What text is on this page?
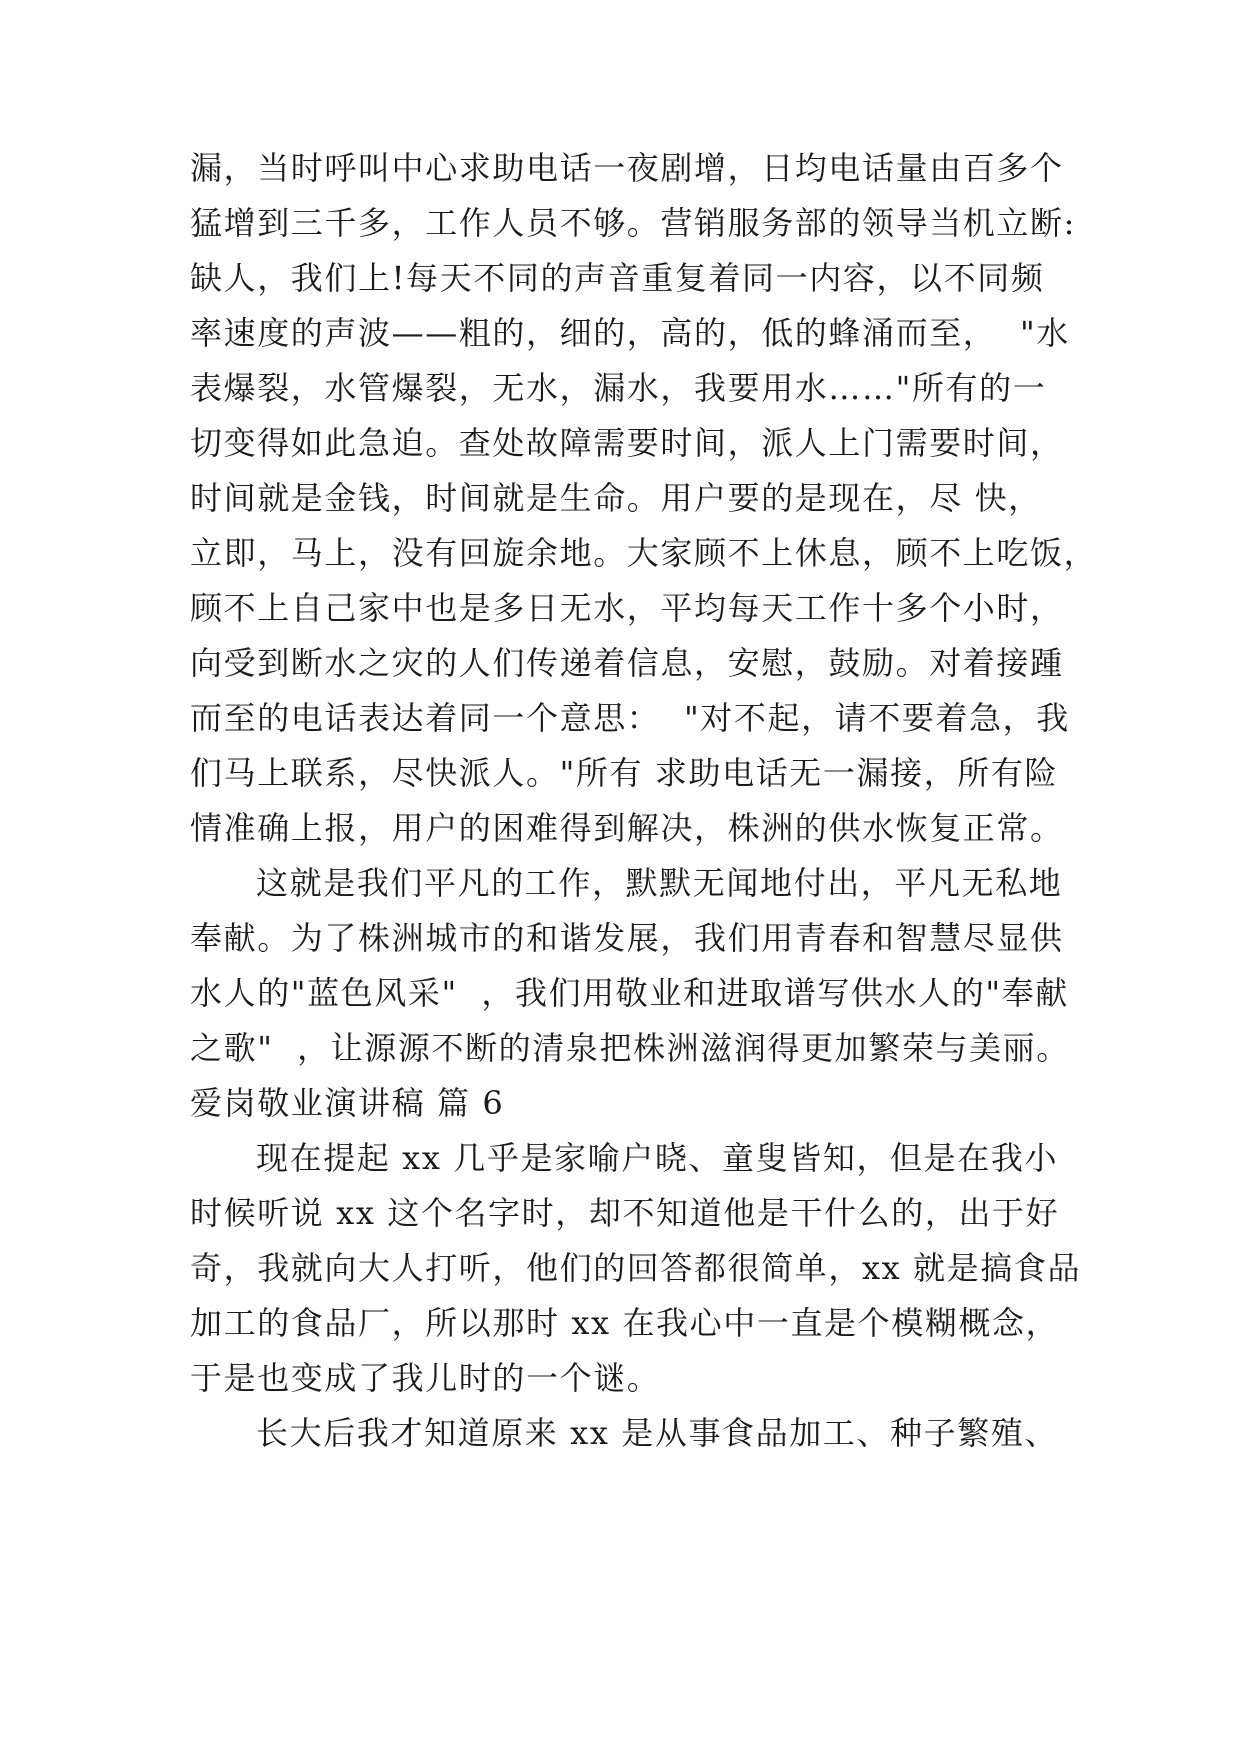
漏，当时呼叫中心求助电话一夜剧增，日均电话量由百多个
猛增到三千多，工作人员不够。营销服务部的领导当机立断:
缺人，我们上!每天不同的声音重复着同一内容，以不同频
率速度的声波——粗的，细的，高的，低的蜂涌而至，  "水
表爆裂，水管爆裂，无水，漏水，我要用水……"所有的一
切变得如此急迫。查处故障需要时间，派人上门需要时间，
时间就是金钱，时间就是生命。用户要的是现在，尽 快，
立即，马上，没有回旋余地。大家顾不上休息，顾不上吃饭，
顾不上自己家中也是多日无水，平均每天工作十多个小时，
向受到断水之灾的人们传递着信息，安慰，鼓励。对着接踵
而至的电话表达着同一个意思：  "对不起，请不要着急，我
们马上联系，尽快派人。"所有 求助电话无一漏接，所有险
情准确上报，用户的困难得到解决，株洲的供水恢复正常。
这就是我们平凡的工作，默默无闻地付出，平凡无私地
奉献。为了株洲城市的和谐发展，我们用青春和智慧尽显供
水人的"蓝色风采"  ，我们用敬业和进取谱写供水人的"奉献
之歌"  ，让源源不断的清泉把株洲滋润得更加繁荣与美丽。
爱岗敬业演讲稿 篇 6
现在提起 xx 几乎是家喻户晓、童叟皆知，但是在我小
时候听说 xx 这个名字时，却不知道他是干什么的，出于好
奇，我就向大人打听，他们的回答都很简单，xx 就是搞食品
加工的食品厂，所以那时 xx 在我心中一直是个模糊概念，
于是也变成了我儿时的一个谜。
长大后我才知道原来 xx 是从事食品加工、种子繁殖、
